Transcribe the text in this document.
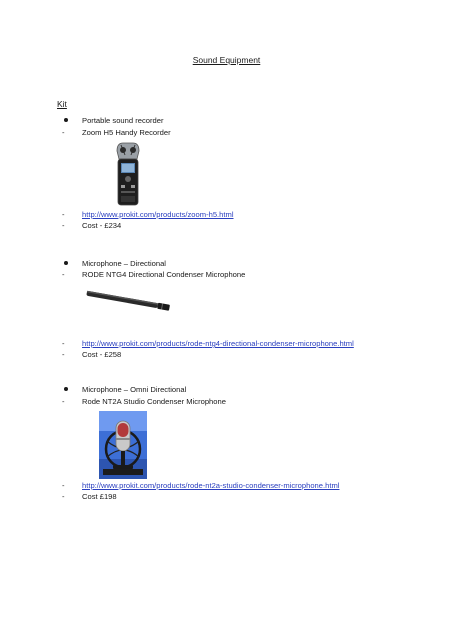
Sound Equipment
Kit
Portable sound recorder
- Zoom H5 Handy Recorder
- http://www.prokit.com/products/zoom-h5.html
- Cost - £234
Microphone – Directional
- RODE NTG4 Directional Condenser Microphone
- http://www.prokit.com/products/rode-ntg4-directional-condenser-microphone.html
- Cost - £258
Microphone – Omni Directional
- Rode NT2A Studio Condenser Microphone
- http://www.prokit.com/products/rode-nt2a-studio-condenser-microphone.html
- Cost £198
